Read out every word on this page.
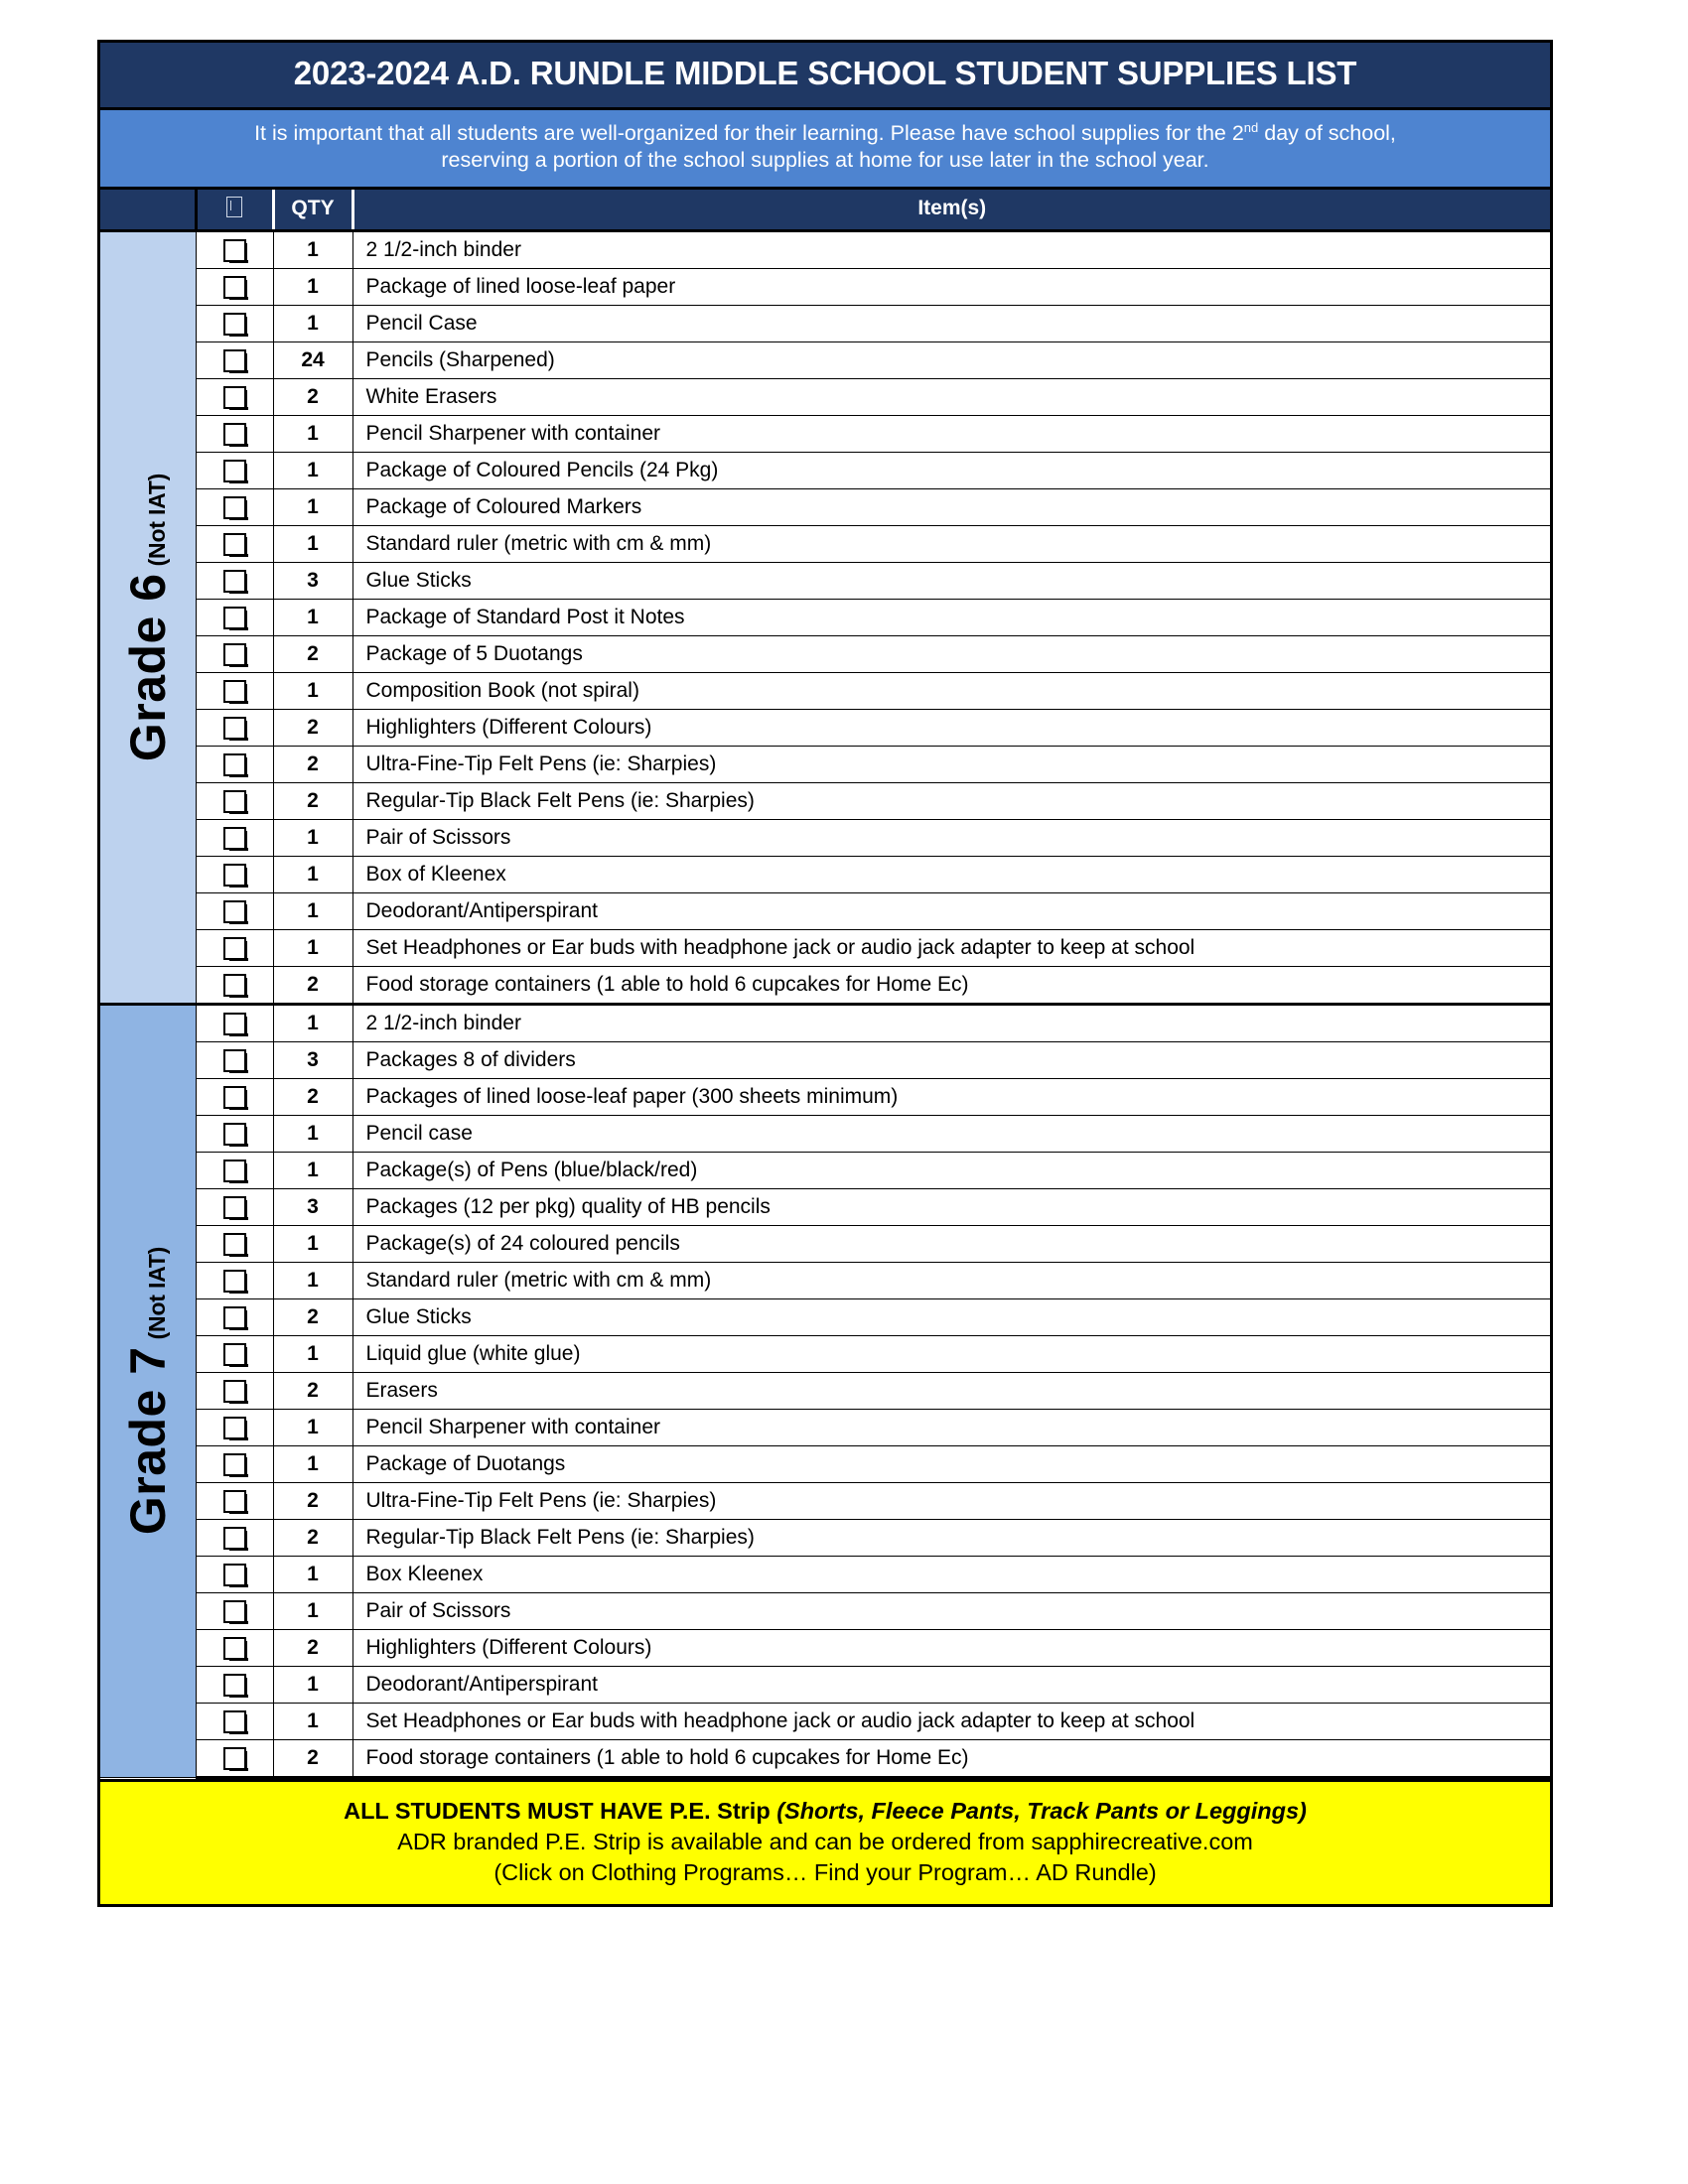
2023-2024 A.D. RUNDLE MIDDLE SCHOOL STUDENT SUPPLIES LIST
It is important that all students are well-organized for their learning. Please have school supplies for the 2nd day of school,
reserving a portion of the school supplies at home for use later in the school year.
		QTY	Item(s)

Grade 6
(Not IAT)		1	2 1/2-inch binder
		1	Package of lined loose-leaf paper
		1	Pencil Case
		24	Pencils (Sharpened)
		2	White Erasers
		1	Pencil Sharpener with container
		1	Package of Coloured Pencils (24 Pkg)
		1	Package of Coloured Markers
		1	Standard ruler (metric with cm & mm)
		3	Glue Sticks
		1	Package of Standard Post it Notes
		2	Package of 5 Duotangs
		1	Composition Book (not spiral)
		2	Highlighters (Different Colours)
		2	Ultra-Fine-Tip Felt Pens (ie: Sharpies)
		2	Regular-Tip Black Felt Pens (ie: Sharpies)
		1	Pair of Scissors
		1	Box of Kleenex
		1	Deodorant/Antiperspirant
		1	Set Headphones or Ear buds with headphone jack or audio jack adapter to keep at school
		2	Food storage containers (1 able to hold 6 cupcakes for Home Ec)

Grade 7
(Not IAT)		1	2 1/2-inch binder
		3	Packages 8 of dividers
		2	Packages of lined loose-leaf paper (300 sheets minimum)
		1	Pencil case
		1	Package(s) of Pens (blue/black/red)
		3	Packages (12 per pkg) quality of HB pencils
		1	Package(s) of 24 coloured pencils
		1	Standard ruler (metric with cm & mm)
		2	Glue Sticks
		1	Liquid glue (white glue)
		2	Erasers
		1	Pencil Sharpener with container
		1	Package of Duotangs
		2	Ultra-Fine-Tip Felt Pens (ie: Sharpies)
		2	Regular-Tip Black Felt Pens (ie: Sharpies)
		1	Box Kleenex
		1	Pair of Scissors
		2	Highlighters (Different Colours)
		1	Deodorant/Antiperspirant
		1	Set Headphones or Ear buds with headphone jack or audio jack adapter to keep at school
		2	Food storage containers (1 able to hold 6 cupcakes for Home Ec)
ALL STUDENTS MUST HAVE P.E. Strip (Shorts, Fleece Pants, Track Pants or Leggings)
ADR branded P.E. Strip is available and can be ordered from sapphirecreative.com
(Click on Clothing Programs… Find your Program… AD Rundle)
